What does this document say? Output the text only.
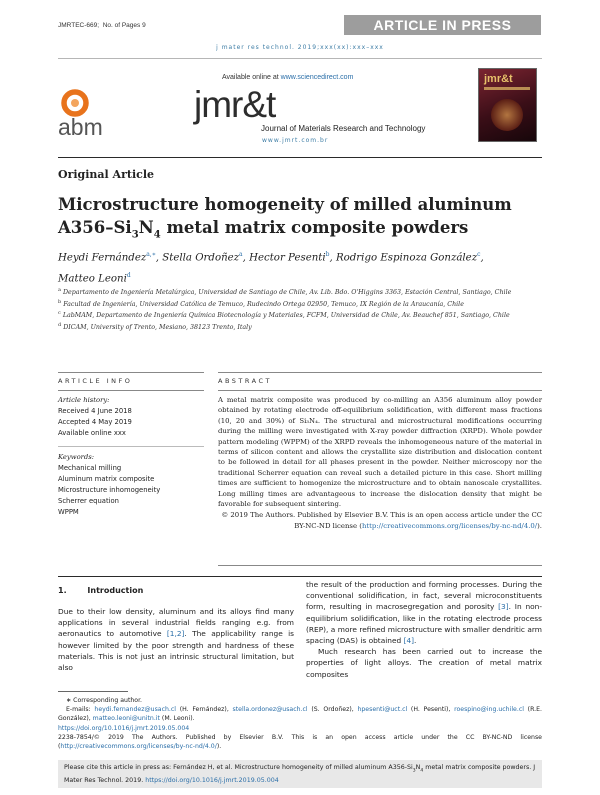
JMRTEC-669; No. of Pages 9	ARTICLE IN PRESS
j mater res technol. 2019;xxx(xx):xxx–xxx
Available online at www.sciencedirect.com
abm
jmr&t
Journal of Materials Research and Technology
www.jmrt.com.br
jmr&t
Original Article
Microstructure homogeneity of milled aluminum
$A356-Si_3N_4$ metal matrix composite powders
Heydi Fernández$^{a,∗}$, Stella Ordoñez$^a$, Hector Pesenti$^b$, Rodrigo Espinoza González$^c$,
Matteo Leoni$^d$
$^a$ Departamento de Ingeniería Metalúrgica, Universidad de Santiago de Chile, Av. Lib. Bdo. O'Higgins 3363, Estación Central, Santiago, Chile
$^b$ Facultad de Ingeniería, Universidad Católica de Temuco, Rudecindo Ortega 02950, Temuco, IX Región de la Araucanía, Chile
$^c$ LabMAM, Departamento de Ingeniería Química Biotecnología y Materiales, FCFM, Universidad de Chile, Av. Beauchef 851, Santiago, Chile
$^d$ DICAM, University of Trento, Mesiano, 38123 Trento, Italy
ARTICLE INFO	ABSTRACT
Article history:
Received 4 June 2018
Accepted 4 May 2019
Available online xxx
Keywords:
Mechanical milling
Aluminum matrix composite
Microstructure inhomogeneity
Scherrer equation
WPPM

A metal matrix composite was produced by co-milling an A356 aluminum alloy powder obtained by rotating electrode off-equilibrium solidification, with different mass fractions (10, 20 and 30%) of Si₃N₄. The structural and microstructural modifications occurring during the milling were investigated with X-ray powder diffraction (XRPD). Whole powder pattern modeling (WPPM) of the XRPD reveals the inhomogeneous nature of the material in terms of silicon content and allows the crystallite size distribution and dislocation content to be followed in detail for all phases present in the powder. Neither microscopy nor the traditional Scherrer equation can reveal such a detailed picture in this case. Short milling times are sufficient to homogenize the microstructure and to obtain nanoscale crystallites. Long milling times are advantageous to increase the dislocation density that might be favorable for subsequent sintering.

© 2019 The Authors. Published by Elsevier B.V. This is an open access article under the CC BY-NC-ND license (http://creativecommons.org/licenses/by-nc-nd/4.0/).

1.	Introduction

Due to their low density, aluminum and its alloys find many applications in several industrial fields ranging e.g. from aeronautics to automotive [1,2]. The applicability range is however limited by the poor strength and hardness of these materials. This is not just an intrinsic structural limitation, but also

the result of the production and forming processes. During the conventional solidification, in fact, several microconstituents form, resulting in macrosegregation and porosity [3]. In non-equilibrium solidification, like in the rotating electrode process (REP), a more refined microstructure with smaller dendritic arm spacing (DAS) is obtained [4].

Much research has been carried out to increase the properties of light alloys. The creation of metal matrix composites

∗ Corresponding author.
E-mails: heydi.fernandez@usach.cl (H. Fernández), stella.ordonez@usach.cl (S. Ordoñez), hpesenti@uct.cl (H. Pesenti), roespino@ing.uchile.cl (R.E. González), matteo.leoni@unitn.it (M. Leoni).
https://doi.org/10.1016/j.jmrt.2019.05.004
2238-7854/© 2019 The Authors. Published by Elsevier B.V. This is an open access article under the CC BY-NC-ND license (http://creativecommons.org/licenses/by-nc-nd/4.0/).
Please cite this article in press as: Fernández H, et al. Microstructure homogeneity of milled aluminum $A356-Si_3N_4$ metal matrix composite powders. J Mater Res Technol. 2019. https://doi.org/10.1016/j.jmrt.2019.05.004
